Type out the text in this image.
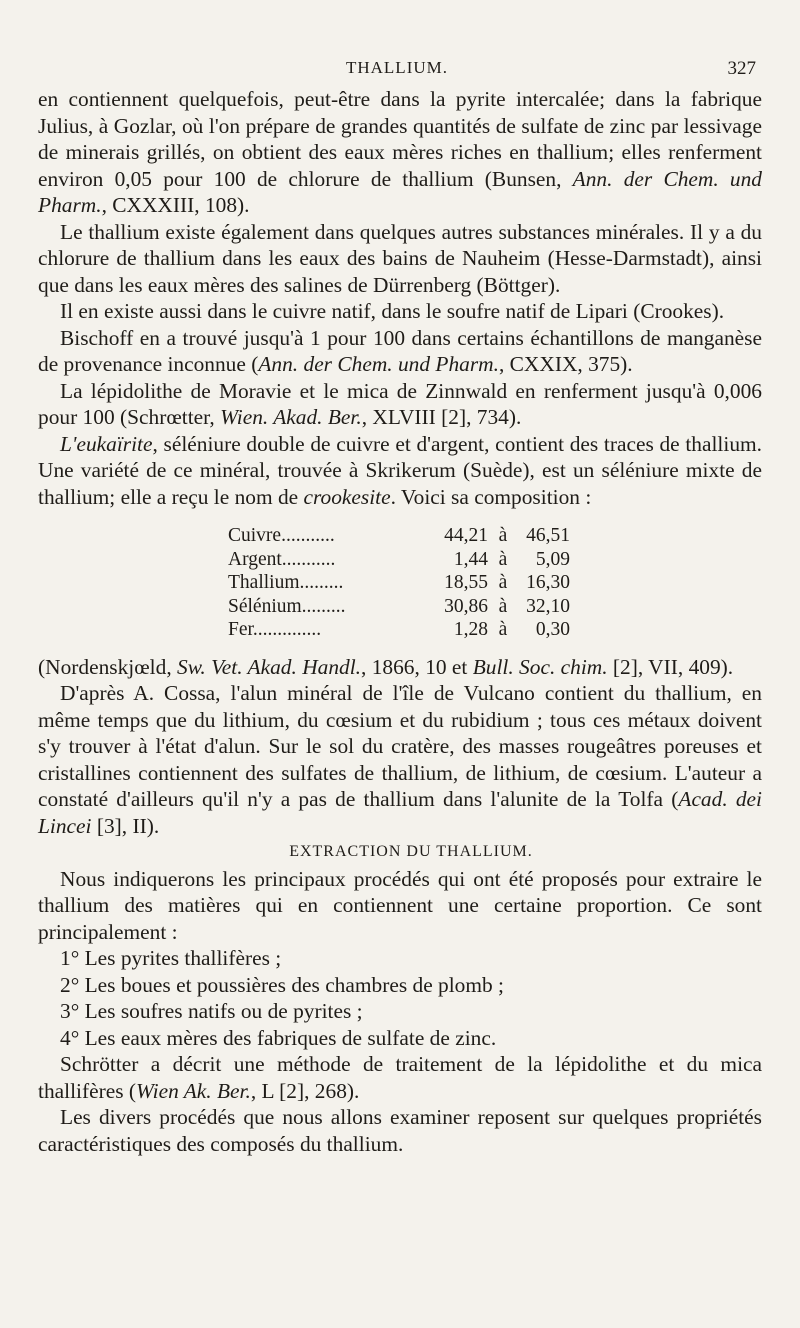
THALLIUM.	327

en contiennent quelquefois, peut-être dans la pyrite intercalée; dans la fabrique Julius, à Gozlar, où l'on prépare de grandes quantités de sulfate de zinc par lessivage de minerais grillés, on obtient des eaux mères riches en thallium; elles renferment environ 0,05 pour 100 de chlorure de thallium (Bunsen, Ann. der Chem. und Pharm., CXXXIII, 108).

Le thallium existe également dans quelques autres substances minérales. Il y a du chlorure de thallium dans les eaux des bains de Nauheim (Hesse-Darmstadt), ainsi que dans les eaux mères des salines de Dürrenberg (Böttger).

Il en existe aussi dans le cuivre natif, dans le soufre natif de Lipari (Crookes).

Bischoff en a trouvé jusqu'à 1 pour 100 dans certains échantillons de manganèse de provenance inconnue (Ann. der Chem. und Pharm., CXXIX, 375).

La lépidolithe de Moravie et le mica de Zinnwald en renferment jusqu'à 0,006 pour 100 (Schrœtter, Wien. Akad. Ber., XLVIII [2], 734).

L'eukaïrite, séléniure double de cuivre et d'argent, contient des traces de thallium. Une variété de ce minéral, trouvée à Skrikerum (Suède), est un séléniure mixte de thallium; elle a reçu le nom de crookesite. Voici sa composition :

Cuivre...........	44,21	à	46,51
Argent...........	1,44	à	5,09
Thallium.........	18,55	à	16,30
Sélénium.........	30,86	à	32,10
Fer..............	1,28	à	0,30

(Nordenskjœld, Sw. Vet. Akad. Handl., 1866, 10 et Bull. Soc. chim. [2], VII, 409).

D'après A. Cossa, l'alun minéral de l'île de Vulcano contient du thallium, en même temps que du lithium, du cœsium et du rubidium ; tous ces métaux doivent s'y trouver à l'état d'alun. Sur le sol du cratère, des masses rougeâtres poreuses et cristallines contiennent des sulfates de thallium, de lithium, de cœsium. L'auteur a constaté d'ailleurs qu'il n'y a pas de thallium dans l'alunite de la Tolfa (Acad. dei Lincei [3], II).

EXTRACTION DU THALLIUM.

Nous indiquerons les principaux procédés qui ont été proposés pour extraire le thallium des matières qui en contiennent une certaine proportion. Ce sont principalement :

1° Les pyrites thallifères ;

2° Les boues et poussières des chambres de plomb ;

3° Les soufres natifs ou de pyrites ;

4° Les eaux mères des fabriques de sulfate de zinc.

Schrötter a décrit une méthode de traitement de la lépidolithe et du mica thallifères (Wien Ak. Ber., L [2], 268).

Les divers procédés que nous allons examiner reposent sur quelques propriétés caractéristiques des composés du thallium.
